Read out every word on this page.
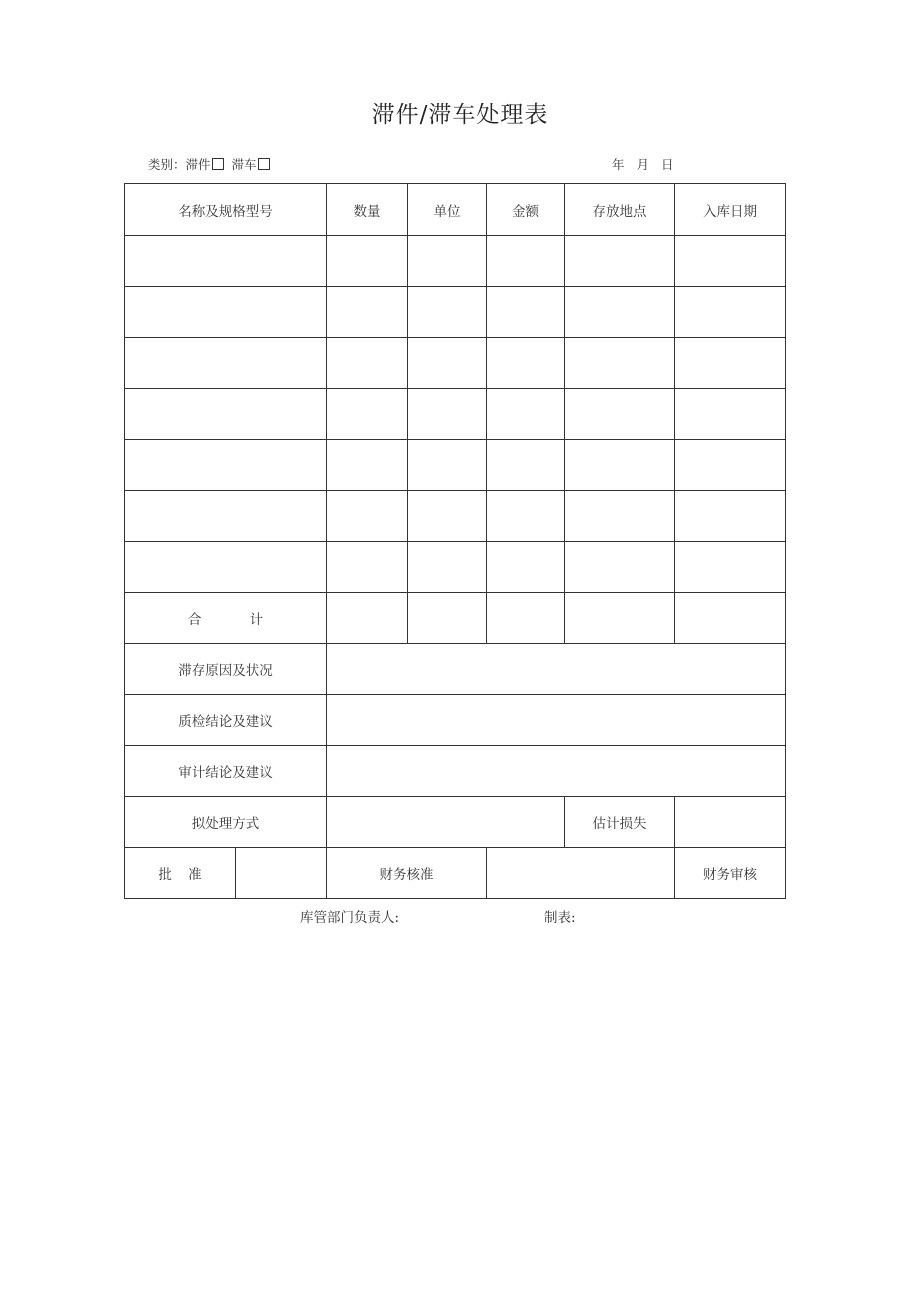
滞件/滞车处理表
类别：滞件 滞车	年 月 日
名称及规格型号		数量	单位	金额	存放地点	入库日期

合 计						
滞存原因及状况						
质检结论及建议						
审计结论及建议						
拟处理方式					估计损失	
批 准		财务核准				财务审核
库管部门负责人:	制表:
